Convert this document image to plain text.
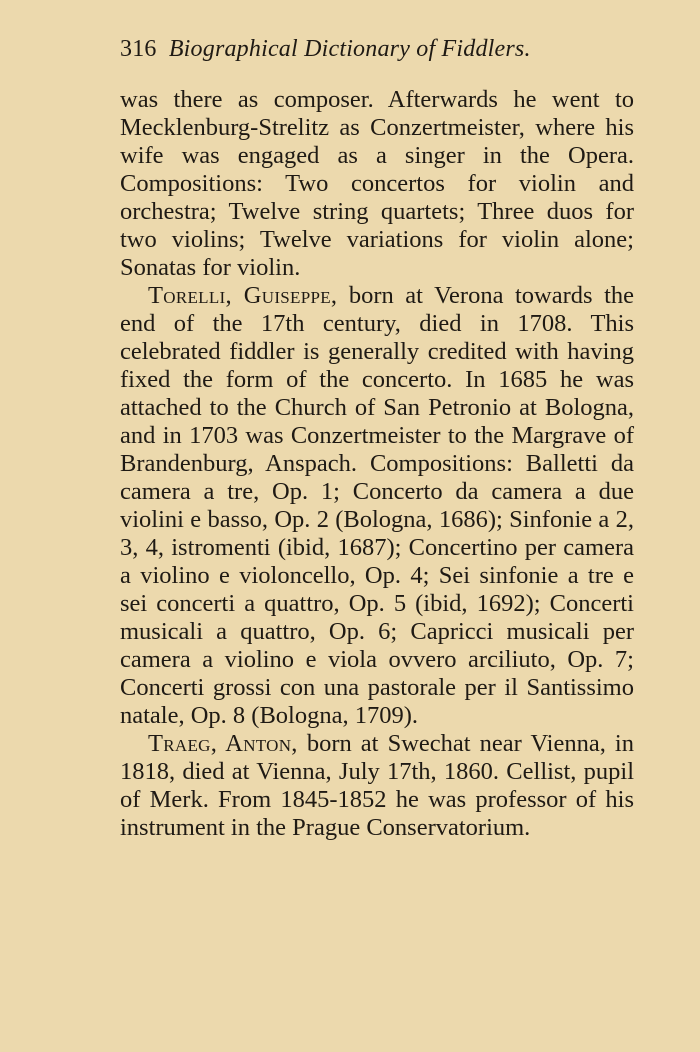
316 Biographical Dictionary of Fiddlers.

was there as composer. Afterwards he went to Mecklenburg-Strelitz as Conzertmeister, where his wife was engaged as a singer in the Opera. Compositions: Two concertos for violin and orchestra; Twelve string quartets; Three duos for two violins; Twelve variations for violin alone; Sonatas for violin.

Torelli, Guiseppe, born at Verona towards the end of the 17th century, died in 1708. This celebrated fiddler is generally credited with having fixed the form of the concerto. In 1685 he was attached to the Church of San Petronio at Bologna, and in 1703 was Conzertmeister to the Margrave of Brandenburg, Anspach. Compositions: Balletti da camera a tre, Op. 1; Concerto da camera a due violini e basso, Op. 2 (Bologna, 1686); Sinfonie a 2, 3, 4, istromenti (ibid, 1687); Concertino per camera a violino e violoncello, Op. 4; Sei sinfonie a tre e sei concerti a quattro, Op. 5 (ibid, 1692); Concerti musicali a quattro, Op. 6; Capricci musicali per camera a violino e viola ovvero arciliuto, Op. 7; Concerti grossi con una pastorale per il Santissimo natale, Op. 8 (Bologna, 1709).

Traeg, Anton, born at Swechat near Vienna, in 1818, died at Vienna, July 17th, 1860. Cellist, pupil of Merk. From 1845-1852 he was professor of his instrument in the Prague Conservatorium.
